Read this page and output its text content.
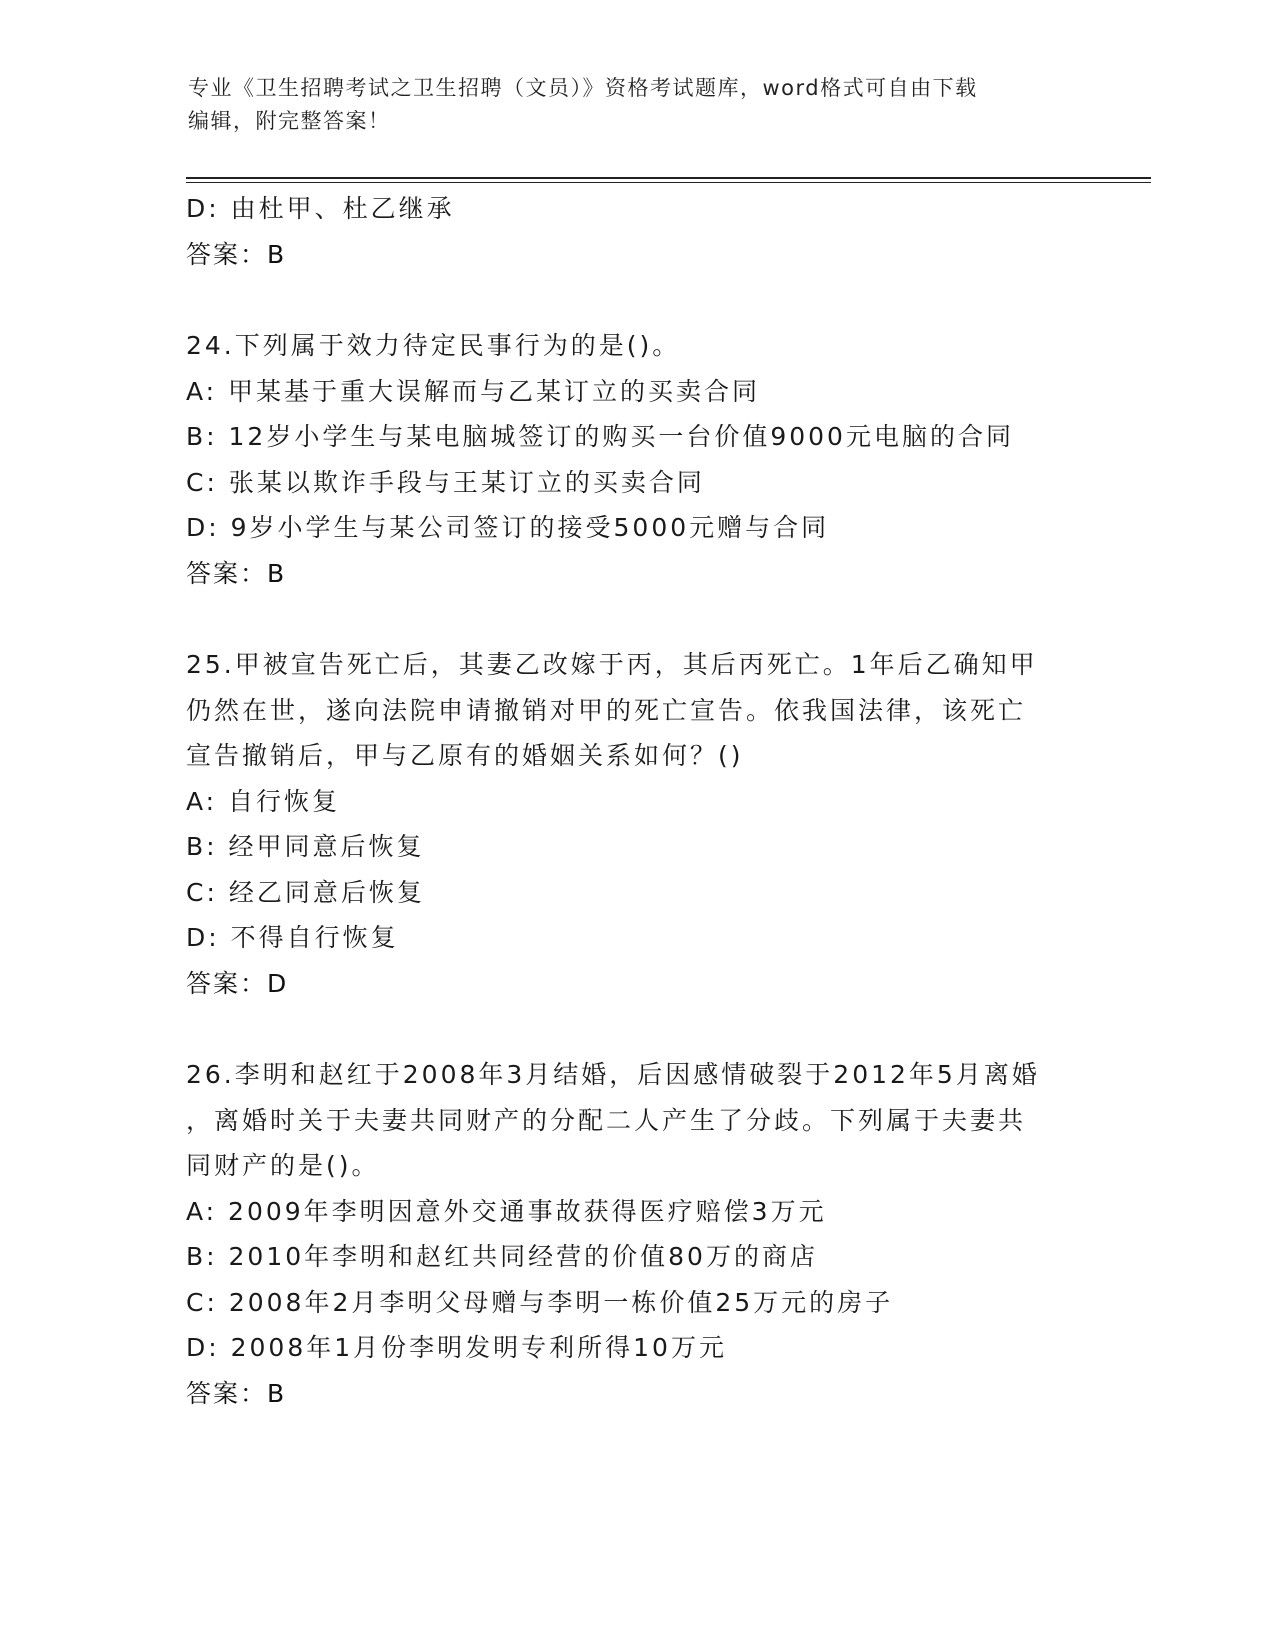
专业《卫生招聘考试之卫生招聘（文员）》资格考试题库，word格式可自由下载
编辑，附完整答案！
D: 由杜甲、杜乙继承
答案：B
24.下列属于效力待定民事行为的是()。
A: 甲某基于重大误解而与乙某订立的买卖合同
B: 12岁小学生与某电脑城签订的购买一台价值9000元电脑的合同
C: 张某以欺诈手段与王某订立的买卖合同
D: 9岁小学生与某公司签订的接受5000元赠与合同
答案：B
25.甲被宣告死亡后，其妻乙改嫁于丙，其后丙死亡。1年后乙确知甲
仍然在世，遂向法院申请撤销对甲的死亡宣告。依我国法律，该死亡
宣告撤销后，甲与乙原有的婚姻关系如何？()
A: 自行恢复
B: 经甲同意后恢复
C: 经乙同意后恢复
D: 不得自行恢复
答案：D
26.李明和赵红于2008年3月结婚，后因感情破裂于2012年5月离婚
，离婚时关于夫妻共同财产的分配二人产生了分歧。下列属于夫妻共
同财产的是()。
A: 2009年李明因意外交通事故获得医疗赔偿3万元
B: 2010年李明和赵红共同经营的价值80万的商店
C: 2008年2月李明父母赠与李明一栋价值25万元的房子
D: 2008年1月份李明发明专利所得10万元
答案：B
